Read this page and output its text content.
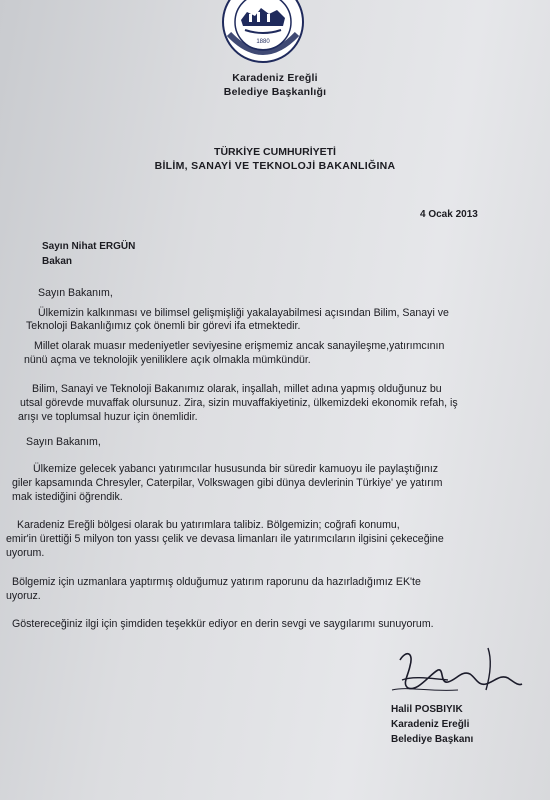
1880
Karadeniz Ereğli
Belediye Başkanlığı
TÜRKİYE CUMHURİYETİ
BİLİM, SANAYİ VE TEKNOLOJİ BAKANLIĞINA
4 Ocak 2013
Sayın Nihat ERGÜN
Bakan
Sayın Bakanım,
Ülkemizin kalkınması ve bilimsel gelişmişliği yakalayabilmesi açısından Bilim, Sanayi ve
Teknoloji Bakanlığımız çok önemli bir görevi ifa etmektedir.
Millet olarak muasır medeniyetler seviyesine erişmemiz ancak sanayileşme,yatırımcının
nünü açma ve teknolojik yeniliklere açık olmakla mümkündür.
Bilim, Sanayi ve Teknoloji Bakanımız olarak, inşallah, millet adına yapmış olduğunuz bu
utsal görevde muvaffak olursunuz. Zira, sizin muvaffakiyetiniz, ülkemizdeki ekonomik refah, iş
arışı ve toplumsal huzur için önemlidir.
Sayın Bakanım,
Ülkemize gelecek yabancı yatırımcılar hususunda bir süredir kamuoyu ile paylaştığınız
giler kapsamında Chresyler, Caterpilar, Volkswagen gibi dünya devlerinin Türkiye' ye yatırım
mak istediğini öğrendik.
Karadeniz Ereğli bölgesi olarak bu yatırımlara talibiz. Bölgemizin; coğrafi konumu,
emir'in ürettiği 5 milyon ton yassı çelik ve devasa limanları ile yatırımcıların ilgisini çekeceğine
uyorum.
Bölgemiz için uzmanlara yaptırmış olduğumuz yatırım raporunu da hazırladığımız EK'te
uyoruz.
Göstereceğiniz ilgi için şimdiden teşekkür ediyor en derin sevgi ve saygılarımı sunuyorum.
Halil POSBIYIK
Karadeniz Ereğli
Belediye Başkanı
